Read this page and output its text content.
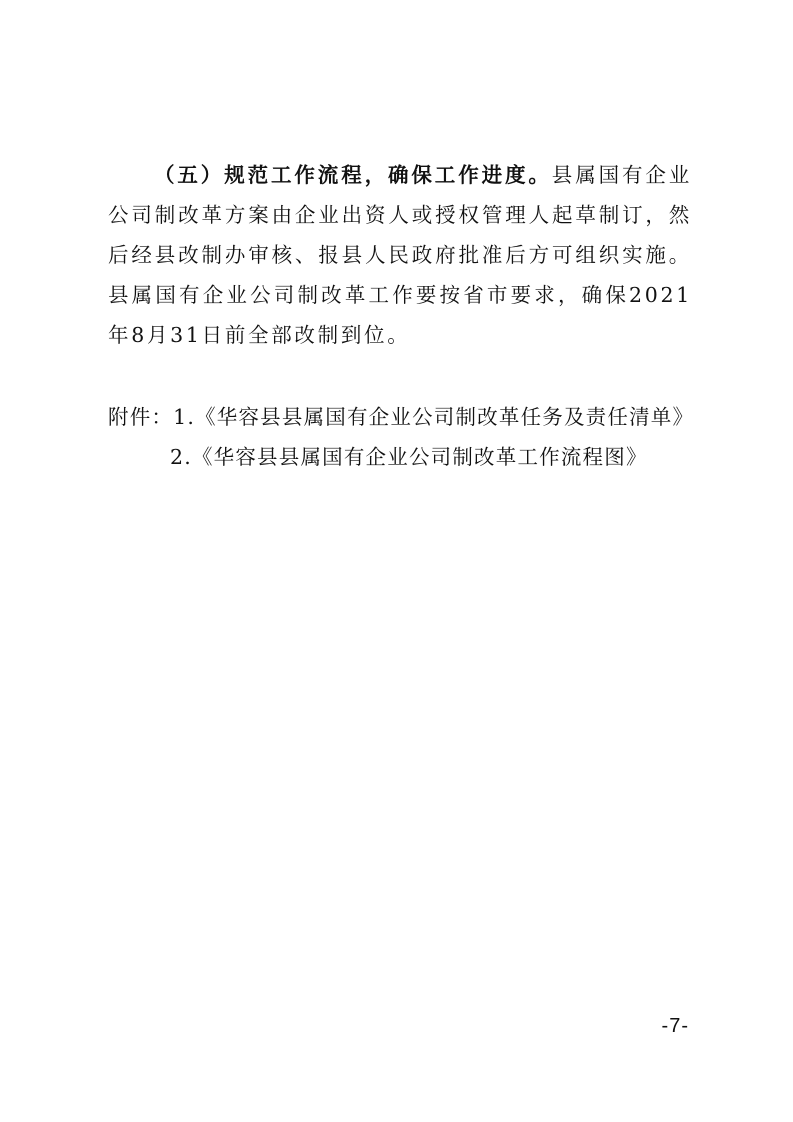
（五）规范工作流程，确保工作进度。县属国有企业公司制改革方案由企业出资人或授权管理人起草制订，然后经县改制办审核、报县人民政府批准后方可组织实施。县属国有企业公司制改革工作要按省市要求，确保2021年8月31日前全部改制到位。

附件：1.《华容县县属国有企业公司制改革任务及责任清单》
2.《华容县县属国有企业公司制改革工作流程图》
-7-
